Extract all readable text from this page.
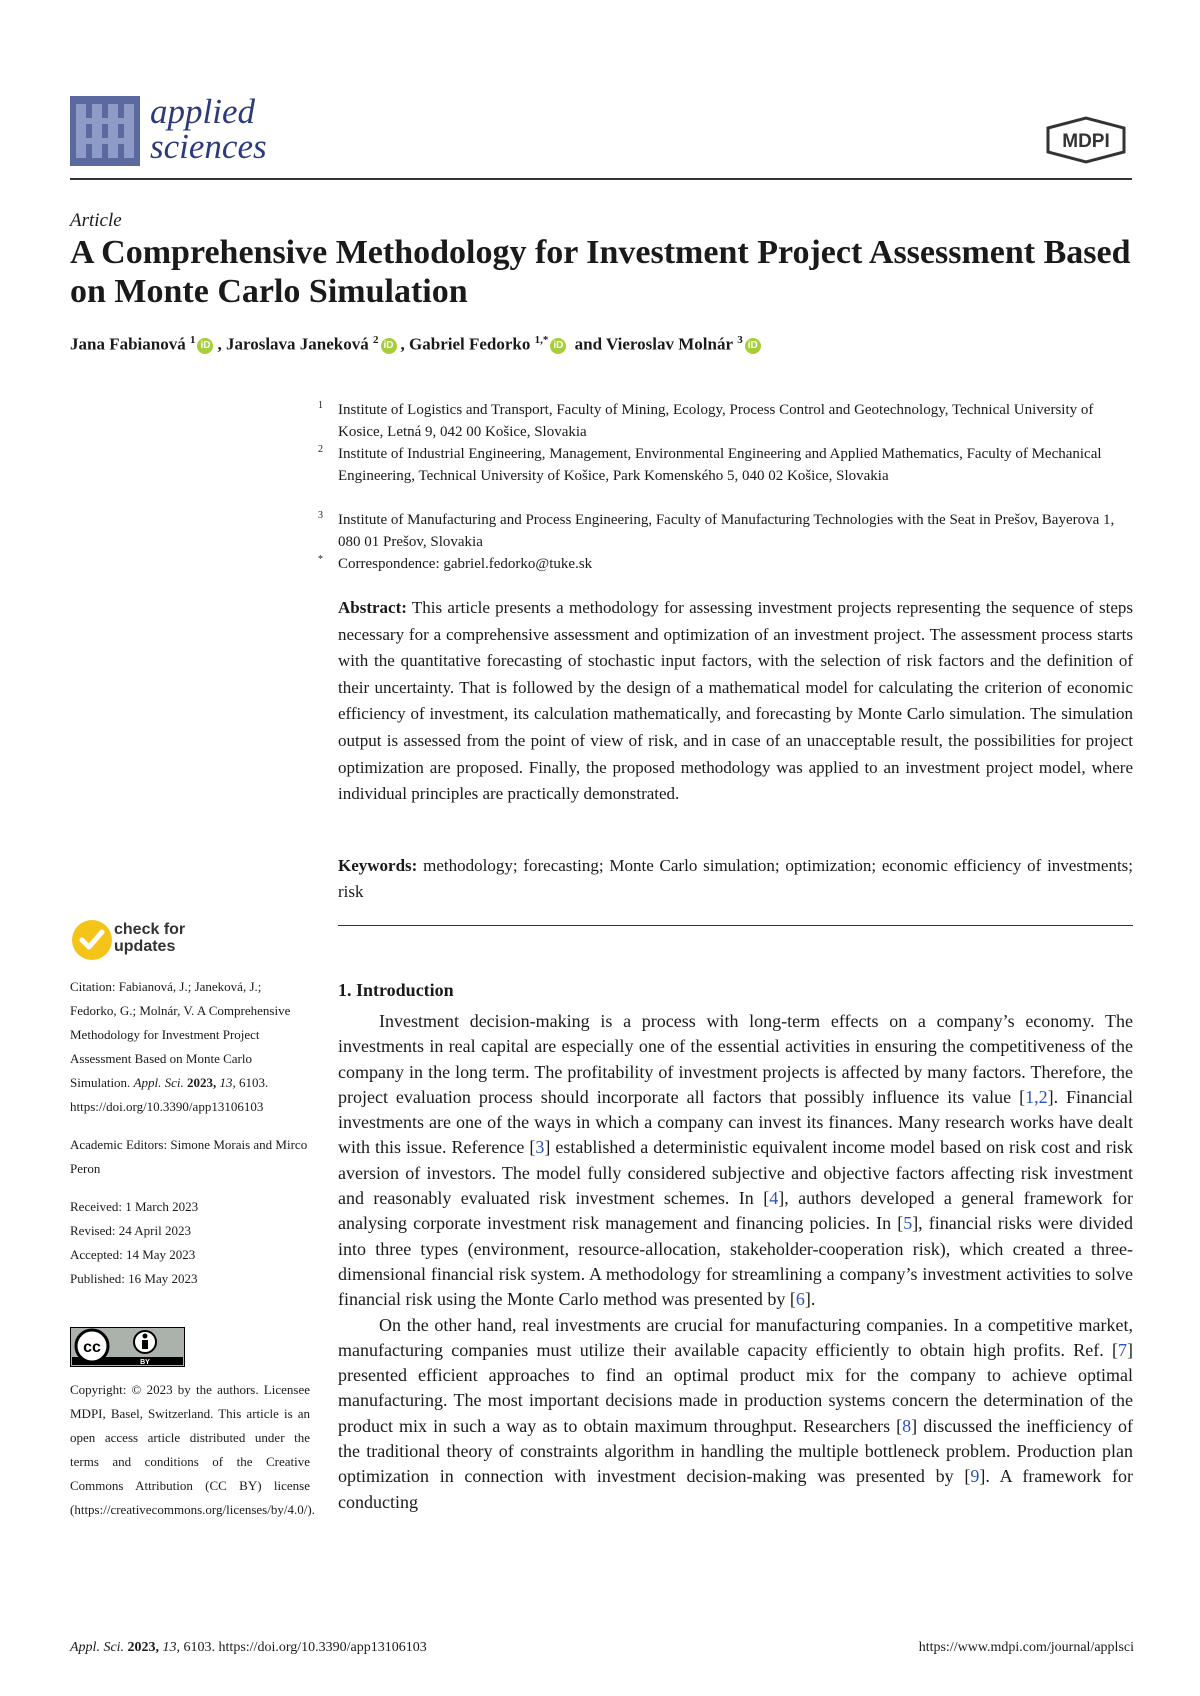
applied
sciences	MDPI
Article
A Comprehensive Methodology for Investment Project Assessment Based on Monte Carlo Simulation
Jana Fabianová $^1$ iD , Jaroslava Janeková $^2$ iD , Gabriel Fedorko $^{1,*}$ iD and Vieroslav Molnár $^3$ iD
1 Institute of Logistics and Transport, Faculty of Mining, Ecology, Process Control and Geotechnology, Technical University of Kosice, Letná 9, 042 00 Košice, Slovakia
2 Institute of Industrial Engineering, Management, Environmental Engineering and Applied Mathematics, Faculty of Mechanical Engineering, Technical University of Košice, Park Komenského 5, 040 02 Košice, Slovakia
3 Institute of Manufacturing and Process Engineering, Faculty of Manufacturing Technologies with the Seat in Prešov, Bayerova 1, 080 01 Prešov, Slovakia
* Correspondence: gabriel.fedorko@tuke.sk
Abstract: This article presents a methodology for assessing investment projects representing the sequence of steps necessary for a comprehensive assessment and optimization of an investment project. The assessment process starts with the quantitative forecasting of stochastic input factors, with the selection of risk factors and the definition of their uncertainty. That is followed by the design of a mathematical model for calculating the criterion of economic efficiency of investment, its calculation mathematically, and forecasting by Monte Carlo simulation. The simulation output is assessed from the point of view of risk, and in case of an unacceptable result, the possibilities for project optimization are proposed. Finally, the proposed methodology was applied to an investment project model, where individual principles are practically demonstrated.
Keywords: methodology; forecasting; Monte Carlo simulation; optimization; economic efficiency of investments; risk
check for
updates

Citation: Fabianová, J.; Janeková, J.; Fedorko, G.; Molnár, V. A Comprehensive Methodology for Investment Project Assessment Based on Monte Carlo Simulation. Appl. Sci. 2023, 13, 6103. https://doi.org/10.3390/app13106103

Academic Editors: Simone Morais and Mirco Peron

Received: 1 March 2023

Revised: 24 April 2023

Accepted: 14 May 2023

Published: 16 May 2023

cc
BY
Copyright: © 2023 by the authors. Licensee MDPI, Basel, Switzerland. This article is an open access article distributed under the terms and conditions of the Creative Commons Attribution (CC BY) license (https://creativecommons.org/licenses/by/4.0/).
1. Introduction

Investment decision-making is a process with long-term effects on a company’s economy. The investments in real capital are especially one of the essential activities in ensuring the competitiveness of the company in the long term. The profitability of investment projects is affected by many factors. Therefore, the project evaluation process should incorporate all factors that possibly influence its value [1,2]. Financial investments are one of the ways in which a company can invest its finances. Many research works have dealt with this issue. Reference [3] established a deterministic equivalent income model based on risk cost and risk aversion of investors. The model fully considered subjective and objective factors affecting risk investment and reasonably evaluated risk investment schemes. In [4], authors developed a general framework for analysing corporate investment risk management and financing policies. In [5], financial risks were divided into three types (environment, resource-allocation, stakeholder-cooperation risk), which created a three-dimensional financial risk system. A methodology for streamlining a company’s investment activities to solve financial risk using the Monte Carlo method was presented by [6].

On the other hand, real investments are crucial for manufacturing companies. In a competitive market, manufacturing companies must utilize their available capacity efficiently to obtain high profits. Ref. [7] presented efficient approaches to find an optimal product mix for the company to achieve optimal manufacturing. The most important decisions made in production systems concern the determination of the product mix in such a way as to obtain maximum throughput. Researchers [8] discussed the inefficiency of the traditional theory of constraints algorithm in handling the multiple bottleneck problem. Production plan optimization in connection with investment decision-making was presented by [9]. A framework for conducting

Appl. Sci. 2023, 13, 6103. https://doi.org/10.3390/app13106103	https://www.mdpi.com/journal/applsci
